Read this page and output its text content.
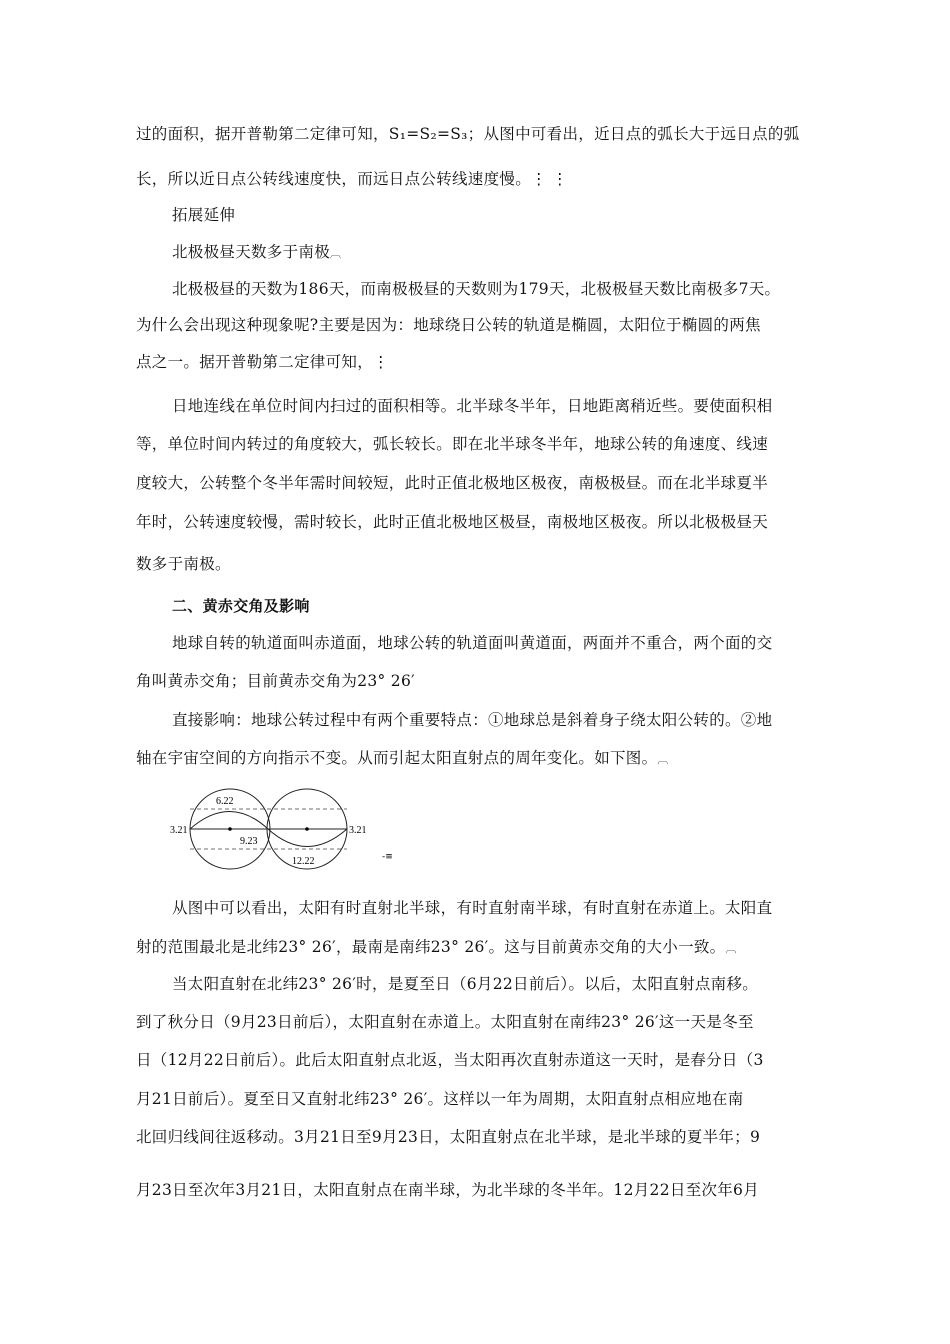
过的面积，据开普勒第二定律可知，S₁=S₂=S₃；从图中可看出，近日点的弧长大于远日点的弧
长，所以近日点公转线速度快，而远日点公转线速度慢。⋮ ⋮
拓展延伸
北极极昼天数多于南极︹
北极极昼的天数为186天，而南极极昼的天数则为179天，北极极昼天数比南极多7天。
为什么会出现这种现象呢?主要是因为：地球绕日公转的轨道是椭圆，太阳位于椭圆的两焦
点之一。据开普勒第二定律可知，⋮
日地连线在单位时间内扫过的面积相等。北半球冬半年，日地距离稍近些。要使面积相
等，单位时间内转过的角度较大，弧长较长。即在北半球冬半年，地球公转的角速度、线速
度较大，公转整个冬半年需时间较短，此时正值北极地区极夜，南极极昼。而在北半球夏半
年时，公转速度较慢，需时较长，此时正值北极地区极昼，南极地区极夜。所以北极极昼天
数多于南极。
二、黄赤交角及影响
地球自转的轨道面叫赤道面，地球公转的轨道面叫黄道面，两面并不重合，两个面的交
角叫黄赤交角；目前黄赤交角为23° 26′
直接影响：地球公转过程中有两个重要特点：①地球总是斜着身子绕太阳公转的。②地
轴在宇宙空间的方向指示不变。从而引起太阳直射点的周年变化。如下图。︹
3.21
6.22
9.23
3.21
12.22	-≡
从图中可以看出，太阳有时直射北半球，有时直射南半球，有时直射在赤道上。太阳直
射的范围最北是北纬23° 26′，最南是南纬23° 26′。这与目前黄赤交角的大小一致。︹
当太阳直射在北纬23° 26′时，是夏至日（6月22日前后）。以后，太阳直射点南移。
到了秋分日（9月23日前后），太阳直射在赤道上。太阳直射在南纬23° 26′这一天是冬至
日（12月22日前后）。此后太阳直射点北返，当太阳再次直射赤道这一天时，是春分日（3
月21日前后）。夏至日又直射北纬23° 26′。这样以一年为周期，太阳直射点相应地在南
北回归线间往返移动。3月21日至9月23日，太阳直射点在北半球，是北半球的夏半年；9
月23日至次年3月21日，太阳直射点在南半球，为北半球的冬半年。12月22日至次年6月
